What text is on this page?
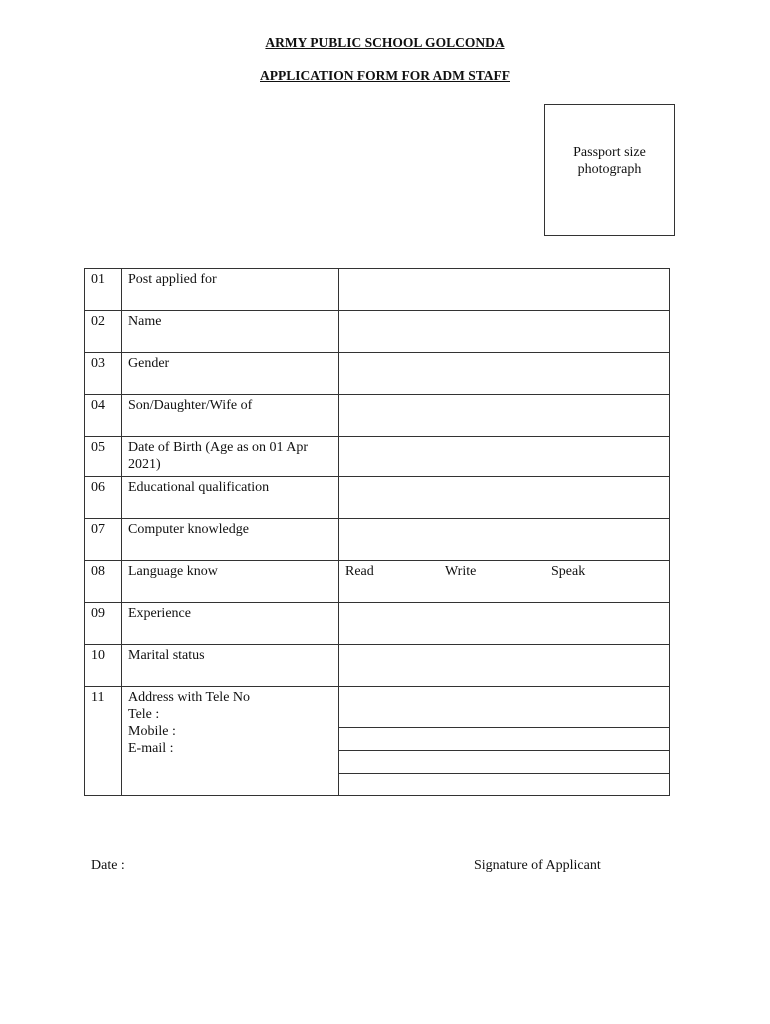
ARMY PUBLIC SCHOOL GOLCONDA
APPLICATION FORM FOR ADM STAFF
Passport size
photograph
01	Post applied for	
02	Name	
03	Gender	
04	Son/Daughter/Wife of	
05	Date of Birth (Age as on 01 Apr 2021)	
06	Educational qualification	
07	Computer knowledge	
08	Language know	Read Write Speak

09	Experience	
10	Marital status	
11	Address with Tele No
Tele :
Mobile :
E-mail :	

Date :	Signature of Applicant
